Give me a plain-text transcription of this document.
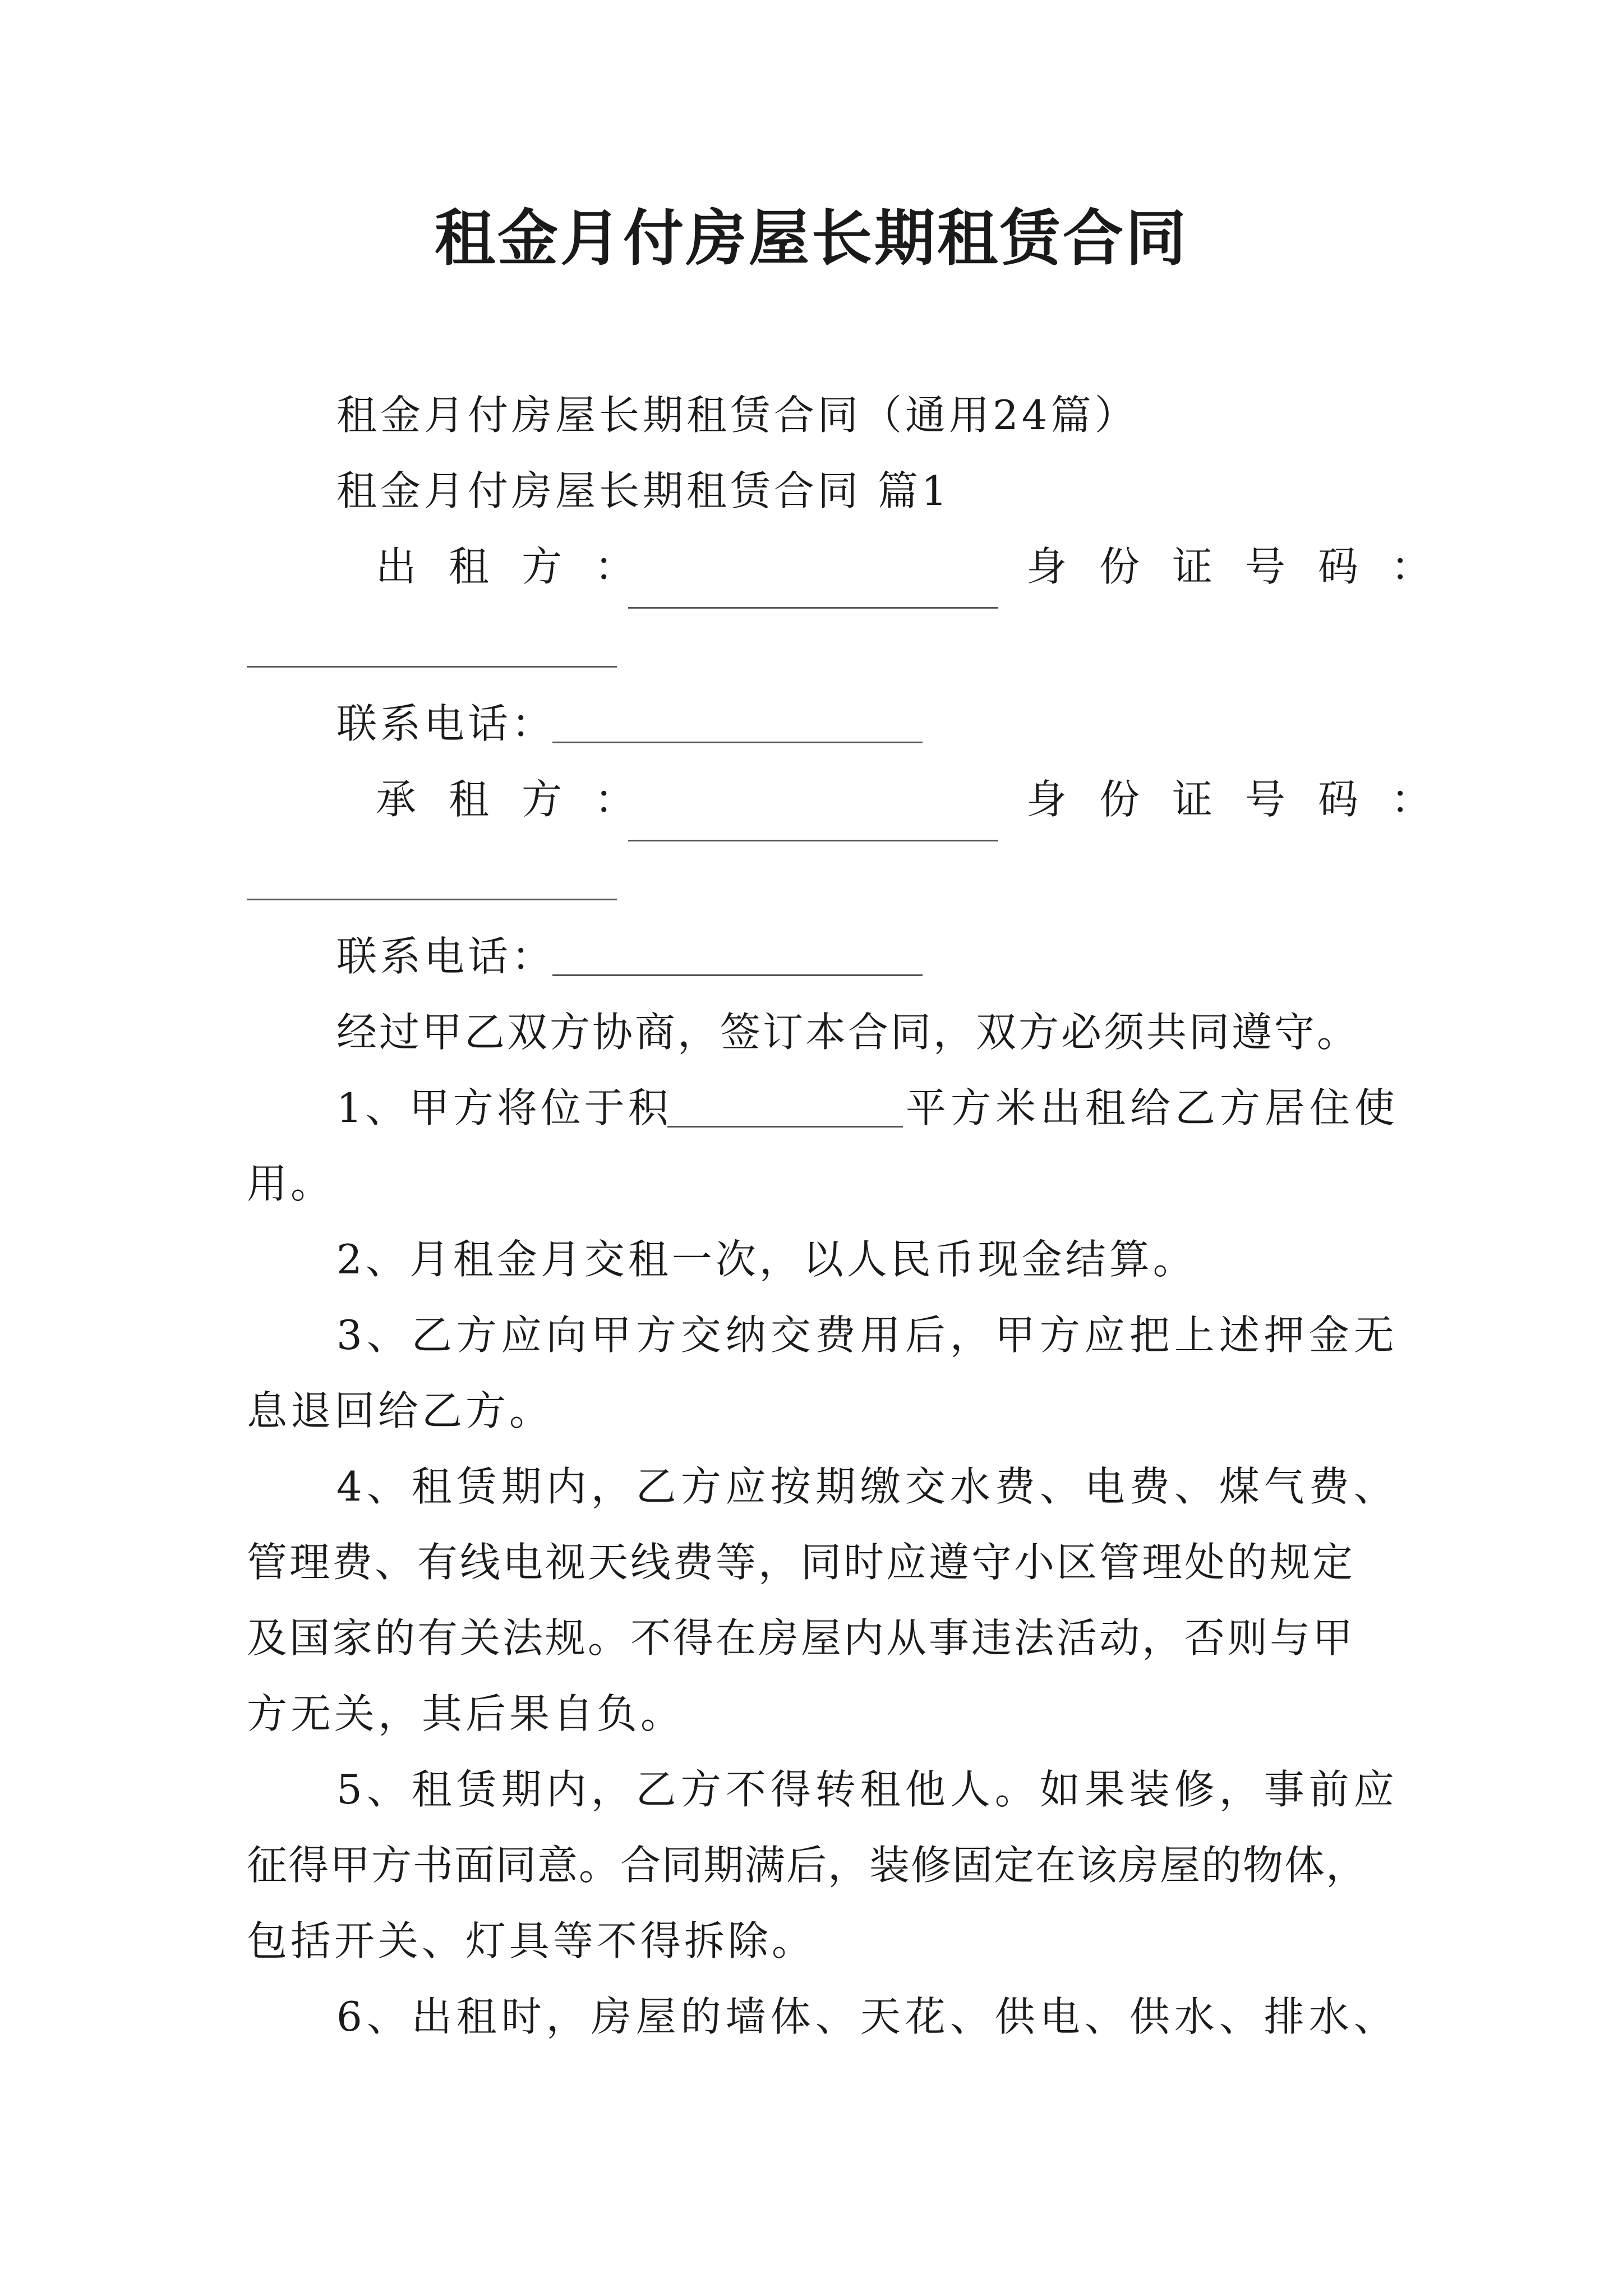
租金月付房屋长期租赁合同
租金月付房屋长期租赁合同（通用24篇）
租金月付房屋长期租赁合同 篇1
出租方：	身份证号码：
联系电话：
承租方：	身份证号码：
联系电话：
经过甲乙双方协商，签订本合同，双方必须共同遵守。
1、甲方将位于积	平方米出租给乙方居住使
用。
2、月租金月交租一次，以人民币现金结算。
3、乙方应向甲方交纳交费用后，甲方应把上述押金无
息退回给乙方。
4、租赁期内，乙方应按期缴交水费、电费、煤气费、
管理费、有线电视天线费等，同时应遵守小区管理处的规定
及国家的有关法规。不得在房屋内从事违法活动，否则与甲
方无关，其后果自负。
5、租赁期内，乙方不得转租他人。如果装修，事前应
征得甲方书面同意。合同期满后，装修固定在该房屋的物体，
包括开关、灯具等不得拆除。
6、出租时，房屋的墙体、天花、供电、供水、排水、
